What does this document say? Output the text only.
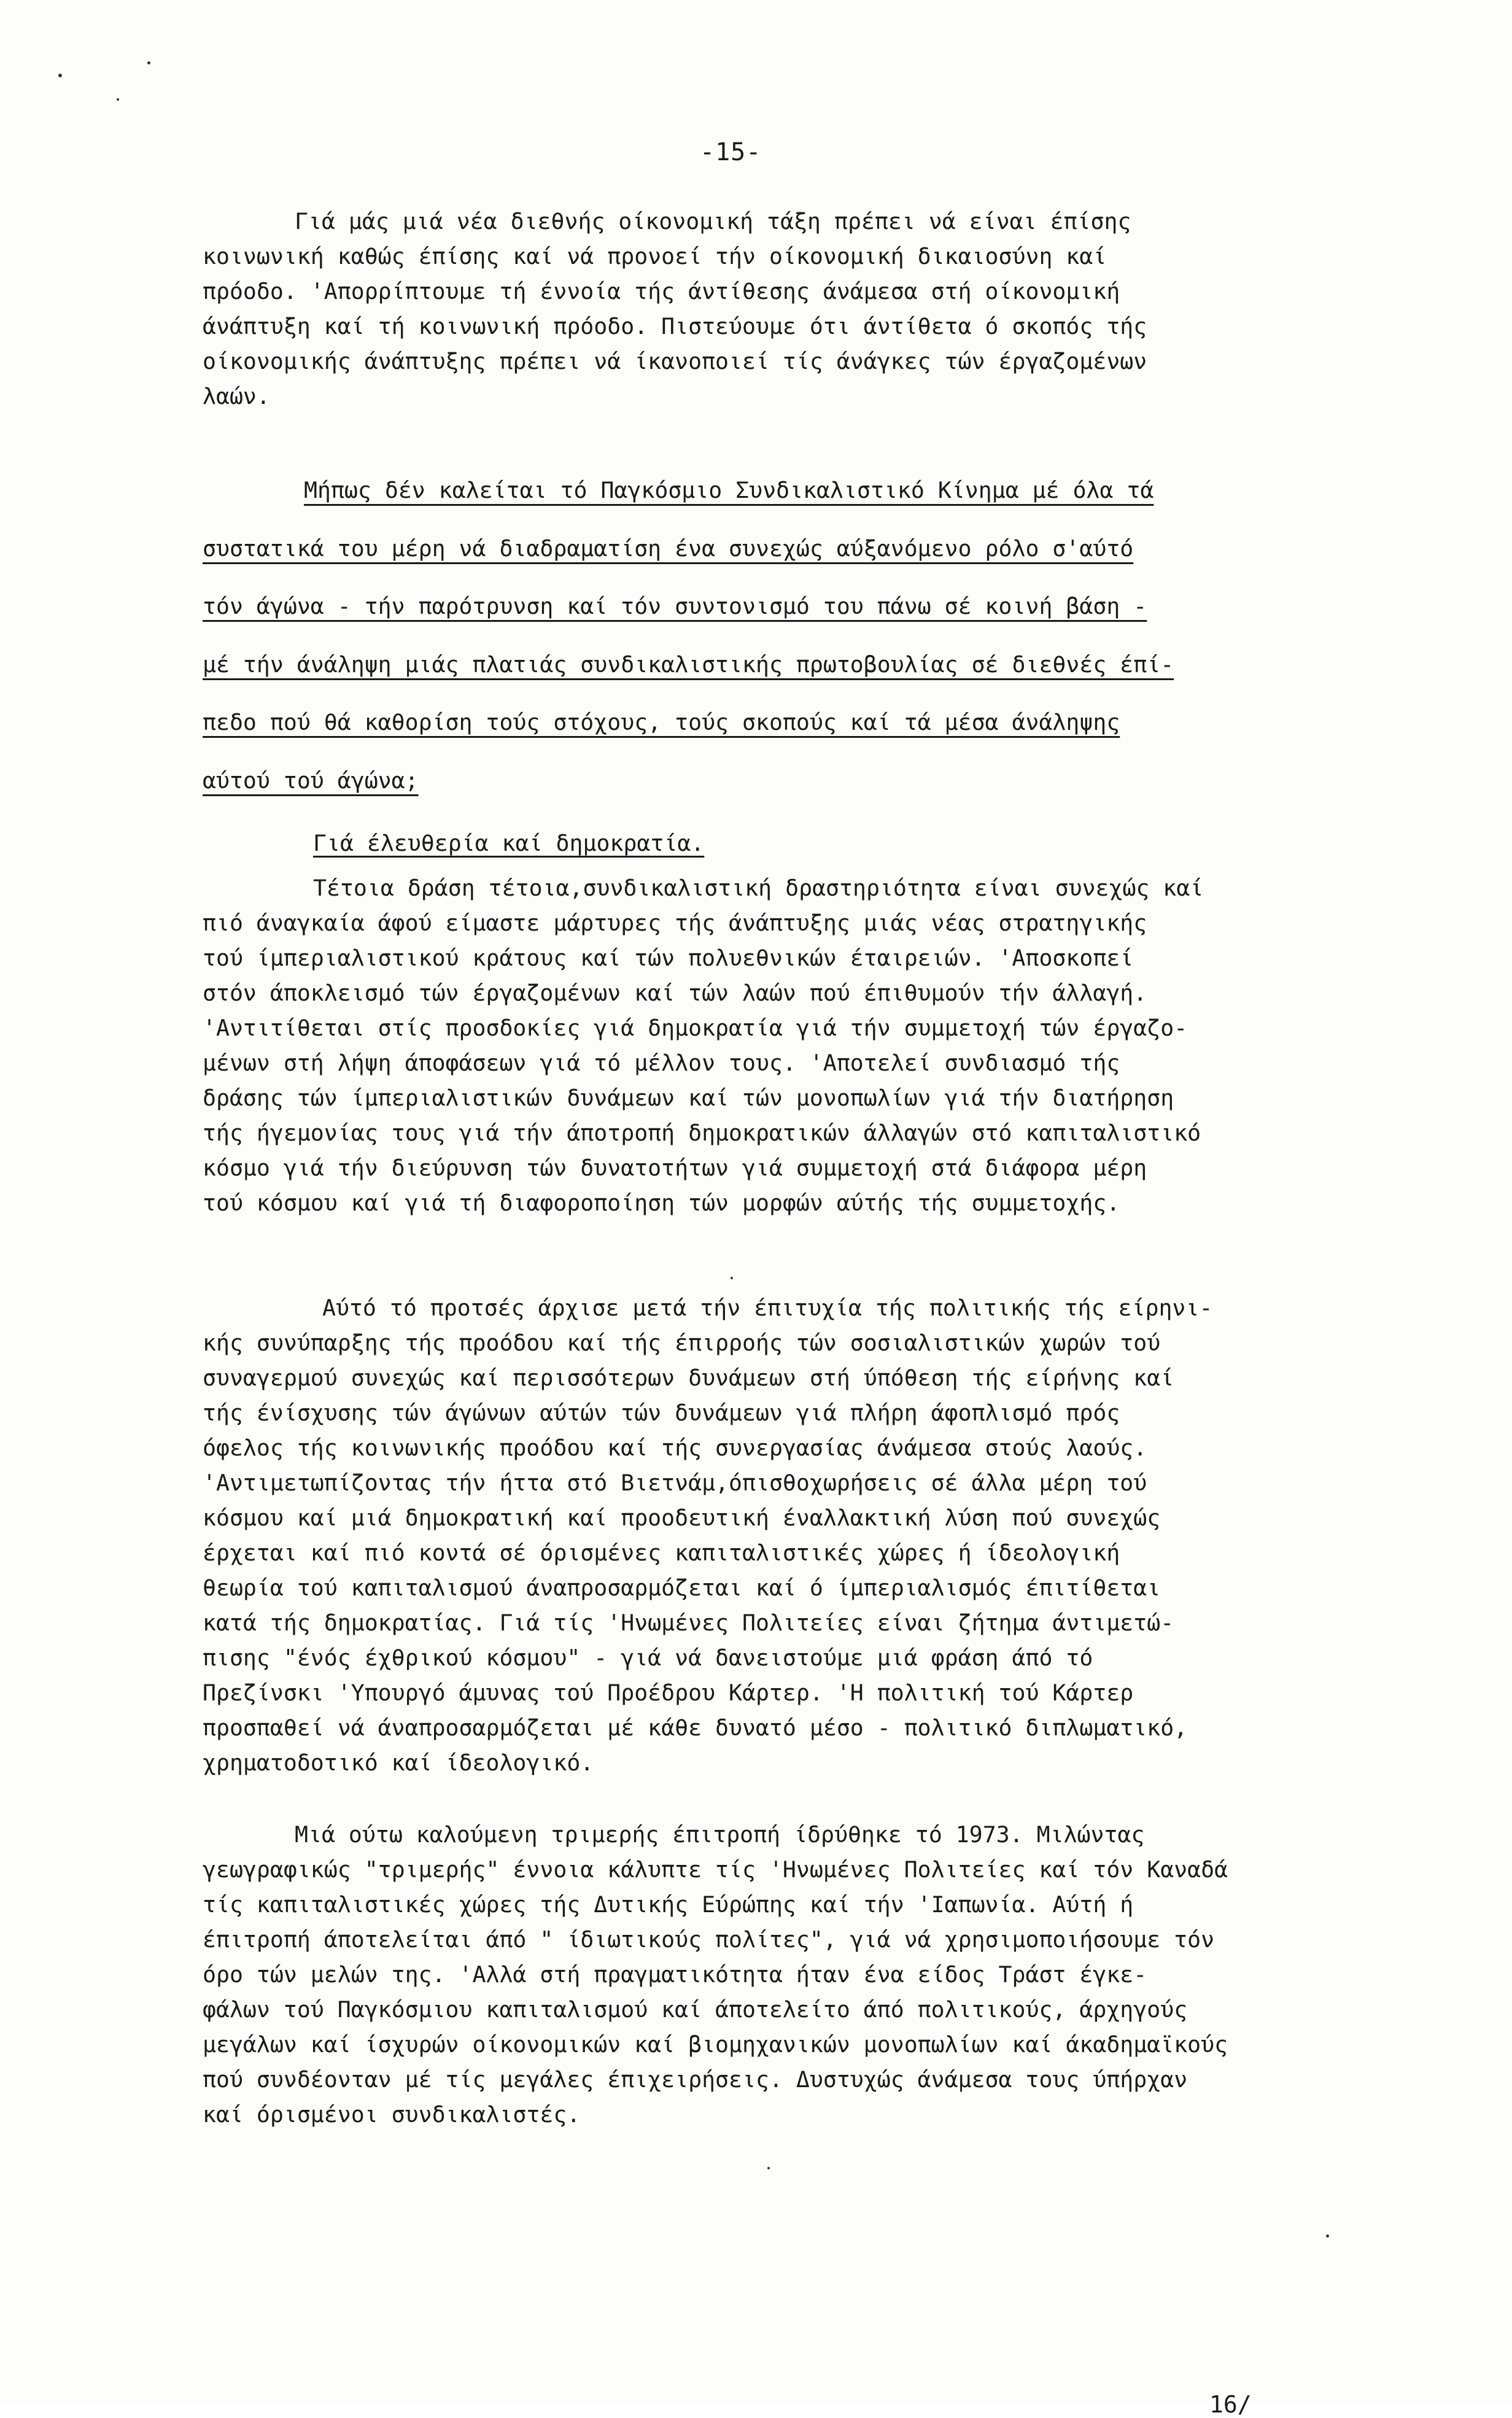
-15-
Γιά μάς μιά νέα διεθνής οίκονομική τάξη πρέπει νά είναι έπίσης
κοινωνική καθώς έπίσης καί νά προνοεί τήν οίκονομική δικαιοσύνη καί
πρόοδο. 'Απορρίπτουμε τή έννοία τής άντίθεσης άνάμεσα στή οίκονομική
άνάπτυξη καί τή κοινωνική πρόοδο. Πιστεύουμε ότι άντίθετα ό σκοπός τής
οίκονομικής άνάπτυξης πρέπει νά ίκανοποιεί τίς άνάγκες τών έργαζομένων
λαών.
Μήπως δέν καλείται τό Παγκόσμιο Συνδικαλιστικό Κίνημα μέ όλα τά
συστατικά του μέρη νά διαδραματίση ένα συνεχώς αύξανόμενο ρόλο σ'αύτό
τόν άγώνα - τήν παρότρυνση καί τόν συντονισμό του πάνω σέ κοινή βάση -
μέ τήν άνάληψη μιάς πλατιάς συνδικαλιστικής πρωτοβουλίας σέ διεθνές έπί-
πεδο πού θά καθορίση τούς στόχους, τούς σκοπούς καί τά μέσα άνάληψης
αύτού τού άγώνα;
Γιά έλευθερία καί δημοκρατία.
Τέτοια δράση τέτοια,συνδικαλιστική δραστηριότητα είναι συνεχώς καί
πιό άναγκαία άφού είμαστε μάρτυρες τής άνάπτυξης μιάς νέας στρατηγικής
τού ίμπεριαλιστικού κράτους καί τών πολυεθνικών έταιρειών. 'Αποσκοπεί
στόν άποκλεισμό τών έργαζομένων καί τών λαών πού έπιθυμούν τήν άλλαγή.
'Αντιτίθεται στίς προσδοκίες γιά δημοκρατία γιά τήν συμμετοχή τών έργαζο-
μένων στή λήψη άποφάσεων γιά τό μέλλον τους. 'Αποτελεί συνδιασμό τής
δράσης τών ίμπεριαλιστικών δυνάμεων καί τών μονοπωλίων γιά τήν διατήρηση
τής ήγεμονίας τους γιά τήν άποτροπή δημοκρατικών άλλαγών στό καπιταλιστικό
κόσμο γιά τήν διεύρυνση τών δυνατοτήτων γιά συμμετοχή στά διάφορα μέρη
τού κόσμου καί γιά τή διαφοροποίηση τών μορφών αύτής τής συμμετοχής.
Αύτό τό προτσές άρχισε μετά τήν έπιτυχία τής πολιτικής τής είρηνι-
κής συνύπαρξης τής προόδου καί τής έπιρροής τών σοσιαλιστικών χωρών τού
συναγερμού συνεχώς καί περισσότερων δυνάμεων στή ύπόθεση τής είρήνης καί
τής ένίσχυσης τών άγώνων αύτών τών δυνάμεων γιά πλήρη άφοπλισμό πρός
όφελος τής κοινωνικής προόδου καί τής συνεργασίας άνάμεσα στούς λαούς.
'Αντιμετωπίζοντας τήν ήττα στό Βιετνάμ,όπισθοχωρήσεις σέ άλλα μέρη τού
κόσμου καί μιά δημοκρατική καί προοδευτική έναλλακτική λύση πού συνεχώς
έρχεται καί πιό κοντά σέ όρισμένες καπιταλιστικές χώρες ή ίδεολογική
θεωρία τού καπιταλισμού άναπροσαρμόζεται καί ό ίμπεριαλισμός έπιτίθεται
κατά τής δημοκρατίας. Γιά τίς 'Ηνωμένες Πολιτείες είναι ζήτημα άντιμετώ-
πισης "ένός έχθρικού κόσμου" - γιά νά δανειστούμε μιά φράση άπό τό
Πρεζίνσκι 'Υπουργό άμυνας τού Προέδρου Κάρτερ. 'Η πολιτική τού Κάρτερ
προσπαθεί νά άναπροσαρμόζεται μέ κάθε δυνατό μέσο - πολιτικό διπλωματικό,
χρηματοδοτικό καί ίδεολογικό.
Μιά ούτω καλούμενη τριμερής έπιτροπή ίδρύθηκε τό 1973. Μιλώντας
γεωγραφικώς "τριμερής" έννοια κάλυπτε τίς 'Ηνωμένες Πολιτείες καί τόν Καναδά
τίς καπιταλιστικές χώρες τής Δυτικής Εύρώπης καί τήν 'Ιαπωνία. Αύτή ή
έπιτροπή άποτελείται άπό " ίδιωτικούς πολίτες", γιά νά χρησιμοποιήσουμε τόν
όρο τών μελών της. 'Αλλά στή πραγματικότητα ήταν ένα είδος Τράστ έγκε-
φάλων τού Παγκόσμιου καπιταλισμού καί άποτελείτο άπό πολιτικούς, άρχηγούς
μεγάλων καί ίσχυρών οίκονομικών καί βιομηχανικών μονοπωλίων καί άκαδημαϊκούς
πού συνδέονταν μέ τίς μεγάλες έπιχειρήσεις. Δυστυχώς άνάμεσα τους ύπήρχαν
καί όρισμένοι συνδικαλιστές.
16/
